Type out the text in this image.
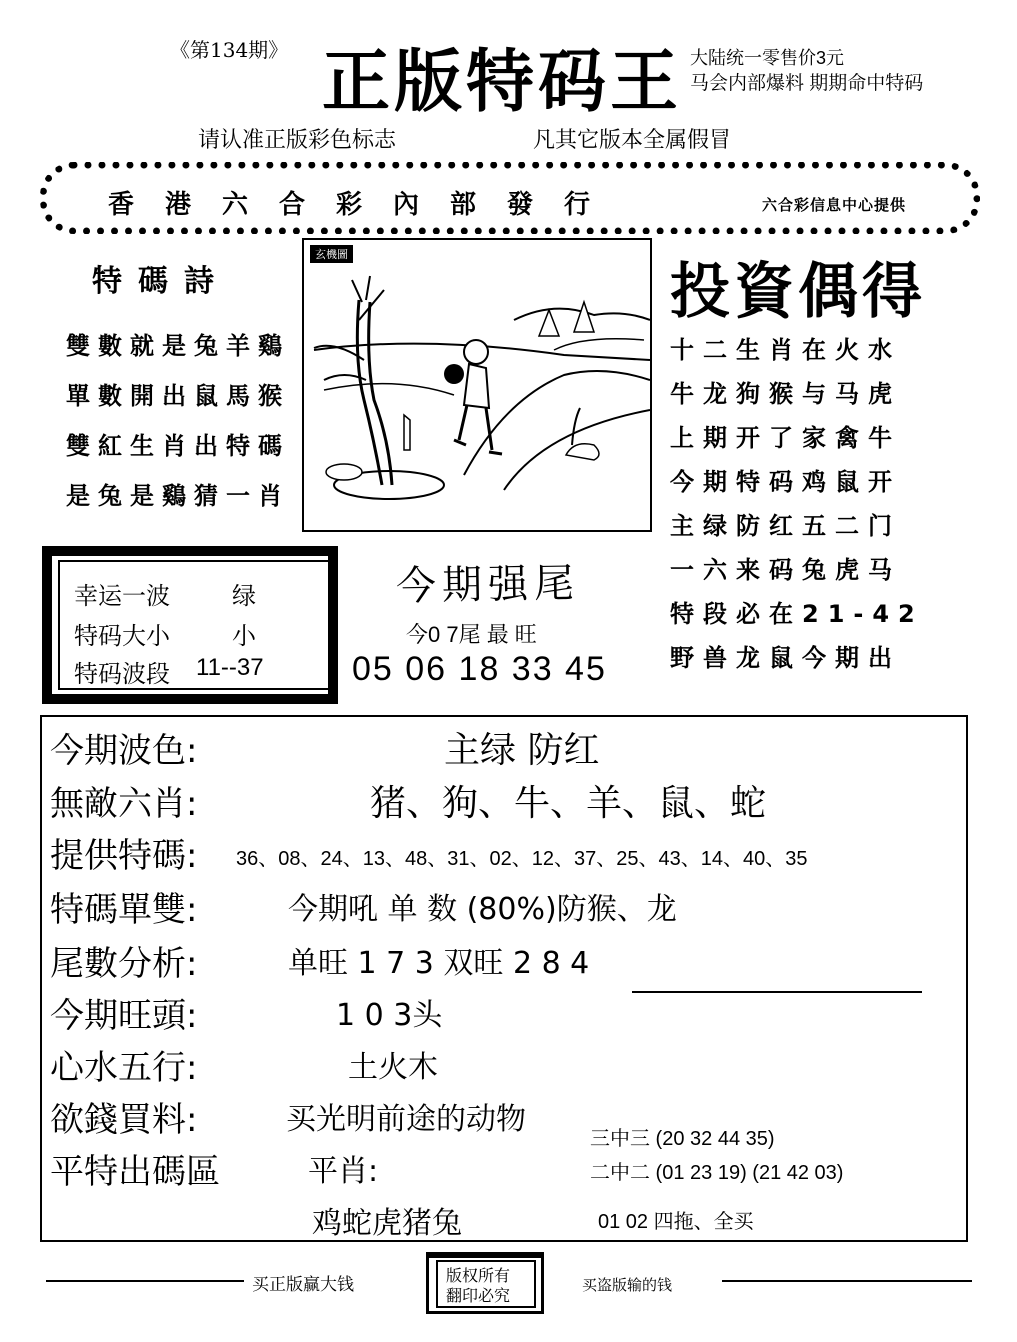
《第134期》 正版特码王 大陆统一零售价3元
马会内部爆料 期期命中特码
请认准正版彩色标志	凡其它版本全属假冒
香港六合彩內部發行	六合彩信息中心提供
特碼詩
雙數就是兔羊鷄
單數開出鼠馬猴
雙紅生肖出特碼
是兔是鷄猜一肖
玄機圖
投資偶得
十二生肖在火水
牛龙狗猴与马虎
上期开了家禽牛
今期特码鸡鼠开
主绿防红五二门
一六来码兔虎马
特段必在21-42
野兽龙鼠今期出
幸运一波	绿
特码大小	小
特码波段 11--37
今期强尾
今0 7尾 最 旺
05 06 18 33 45
今期波色:	主绿 防红
無敵六肖:	猪、狗、牛、羊、鼠、蛇
提供特碼: 36、08、24、13、48、31、02、12、37、25、43、14、40、35
特碼單雙:	今期吼 单 数 (80%)防猴、龙
尾數分析:	单旺 1 7 3 双旺 2 8 4
今期旺頭:	1 0 3头
心水五行:	土火木
欲錢買料:	买光明前途的动物
平特出碼區	平肖:
鸡蛇虎猪兔
三中三 (20 32 44 35)
二中二 (01 23 19) (21 42 03)
01 02 四拖、全买
买正版赢大钱	版权所有
翻印必究
买盗版输的钱
